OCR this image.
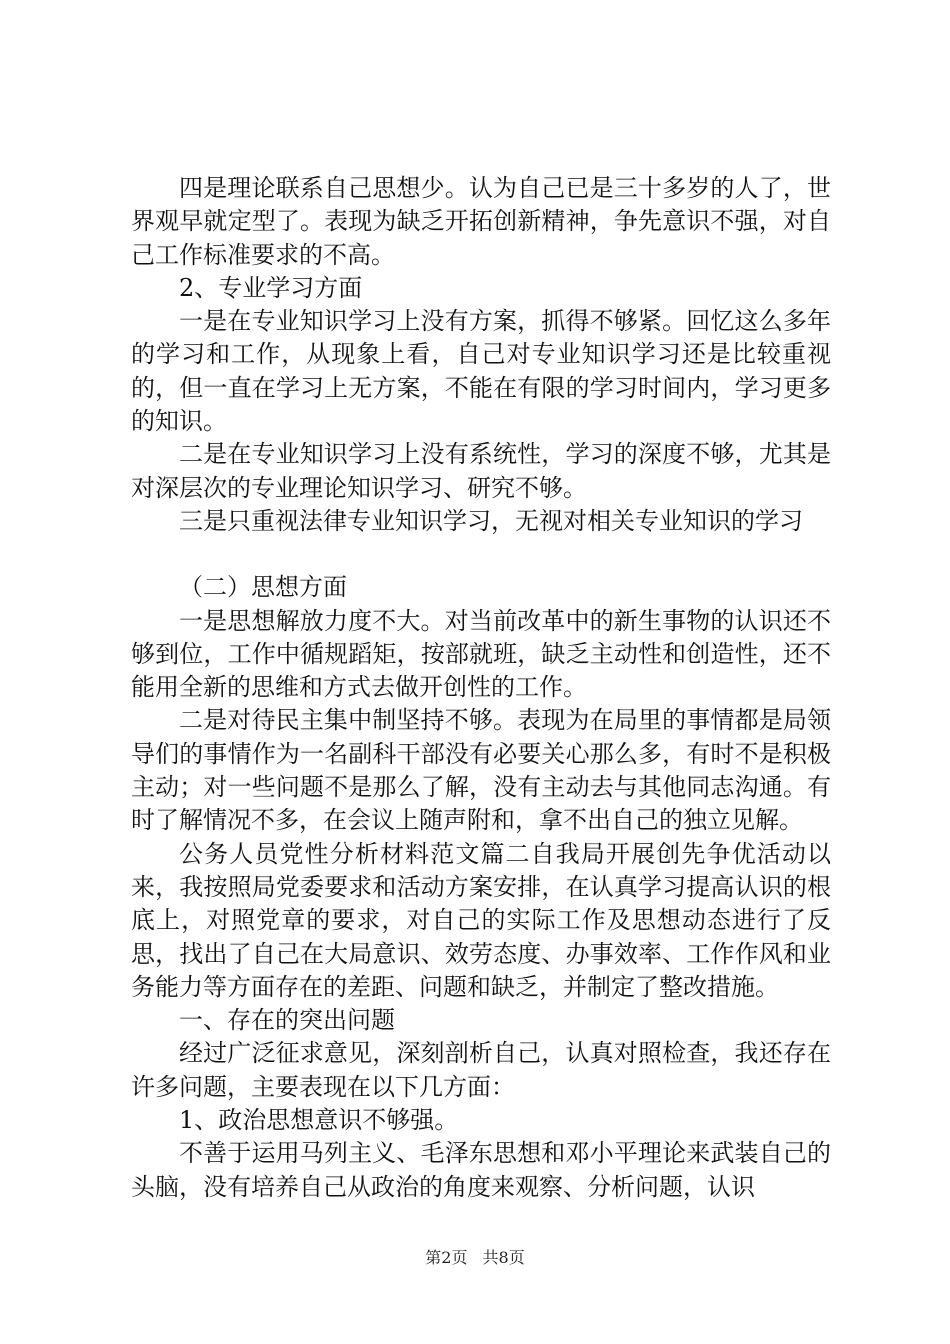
四是理论联系自己思想少。认为自己已是三十多岁的人了，世界观早就定型了。表现为缺乏开拓创新精神，争先意识不强，对自己工作标准要求的不高。

2、专业学习方面

一是在专业知识学习上没有方案，抓得不够紧。回忆这么多年的学习和工作，从现象上看，自己对专业知识学习还是比较重视的，但一直在学习上无方案，不能在有限的学习时间内，学习更多的知识。

二是在专业知识学习上没有系统性，学习的深度不够，尤其是对深层次的专业理论知识学习、研究不够。

三是只重视法律专业知识学习，无视对相关专业知识的学习

（二）思想方面

一是思想解放力度不大。对当前改革中的新生事物的认识还不够到位，工作中循规蹈矩，按部就班，缺乏主动性和创造性，还不能用全新的思维和方式去做开创性的工作。

二是对待民主集中制坚持不够。表现为在局里的事情都是局领导们的事情作为一名副科干部没有必要关心那么多，有时不是积极主动；对一些问题不是那么了解，没有主动去与其他同志沟通。有时了解情况不多，在会议上随声附和，拿不出自己的独立见解。

公务人员党性分析材料范文篇二自我局开展创先争优活动以来，我按照局党委要求和活动方案安排，在认真学习提高认识的根底上，对照党章的要求，对自己的实际工作及思想动态进行了反思，找出了自己在大局意识、效劳态度、办事效率、工作作风和业务能力等方面存在的差距、问题和缺乏，并制定了整改措施。

一、存在的突出问题

经过广泛征求意见，深刻剖析自己，认真对照检查，我还存在许多问题，主要表现在以下几方面：

1、政治思想意识不够强。

不善于运用马列主义、毛泽东思想和邓小平理论来武装自己的头脑，没有培养自己从政治的角度来观察、分析问题，认识

第2页 共8页
